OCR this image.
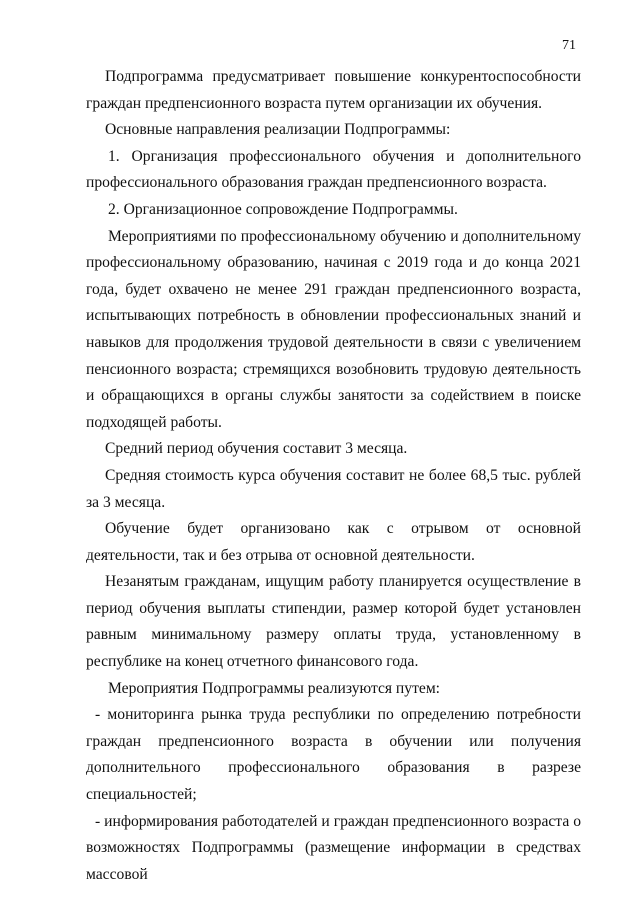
71

Подпрограмма предусматривает повышение конкурентоспособности граждан предпенсионного возраста путем организации их обучения.

Основные направления реализации Подпрограммы:

1. Организация профессионального обучения и дополнительного профессионального образования граждан предпенсионного возраста.

2. Организационное сопровождение Подпрограммы.

Мероприятиями по профессиональному обучению и дополнительному профессиональному образованию, начиная с 2019 года и до конца 2021 года, будет охвачено не менее 291 граждан предпенсионного возраста, испытывающих потребность в обновлении профессиональных знаний и навыков для продолжения трудовой деятельности в связи с увеличением пенсионного возраста; стремящихся возобновить трудовую деятельность и обращающихся в органы службы занятости за содействием в поиске подходящей работы.

Средний период обучения составит 3 месяца.

Средняя стоимость курса обучения составит не более 68,5 тыс. рублей за 3 месяца.

Обучение будет организовано как с отрывом от основной деятельности, так и без отрыва от основной деятельности.

Незанятым гражданам, ищущим работу планируется осуществление в период обучения выплаты стипендии, размер которой будет установлен равным минимальному размеру оплаты труда, установленному в республике на конец отчетного финансового года.

Мероприятия Подпрограммы реализуются путем:

- мониторинга рынка труда республики по определению потребности граждан предпенсионного возраста в обучении или получения дополнительного профессионального образования в разрезе специальностей;

- информирования работодателей и граждан предпенсионного возраста о возможностях Подпрограммы (размещение информации в средствах массовой
